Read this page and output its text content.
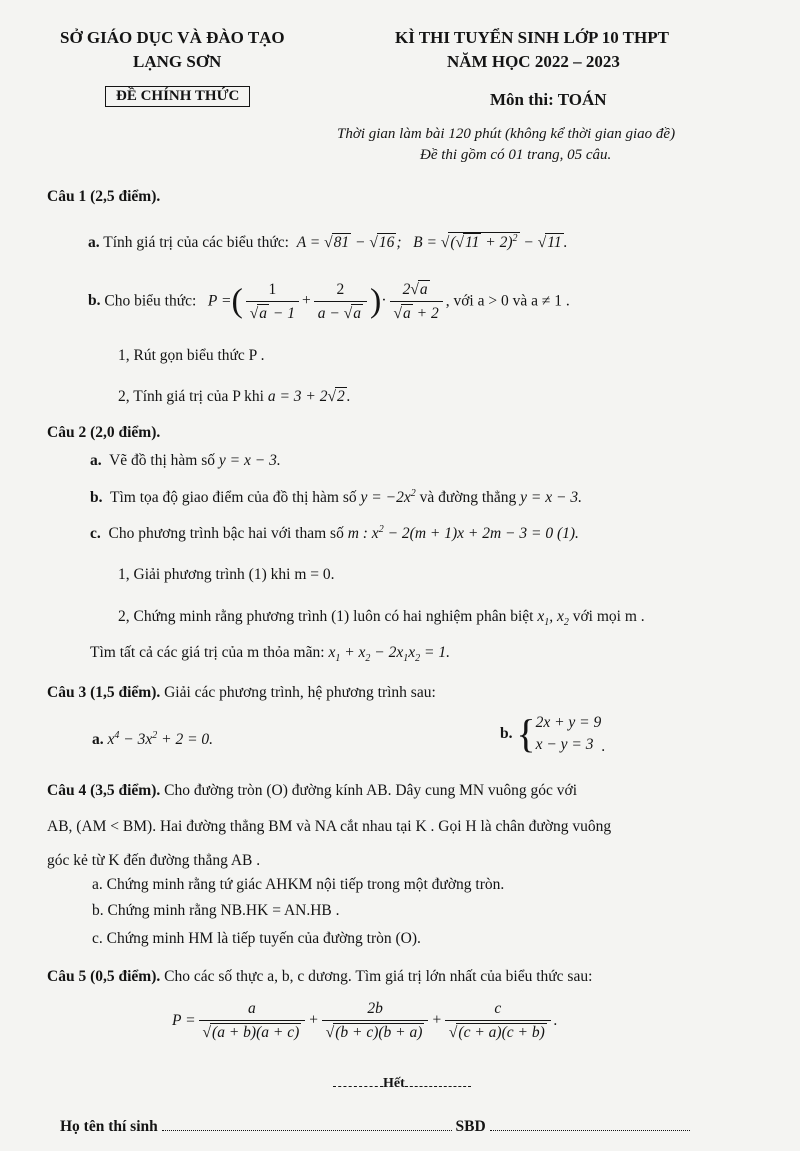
SỞ GIÁO DỤC VÀ ĐÀO TẠO
LẠNG SƠN
ĐỀ CHÍNH THỨC
KÌ THI TUYỂN SINH LỚP 10 THPT
NĂM HỌC 2022 – 2023
Môn thi: TOÁN
Thời gian làm bài 120 phút (không kể thời gian giao đề)
Đề thi gồm có 01 trang, 05 câu.
Câu 1 (2,5 điểm).
a. Tính giá trị của các biểu thức:  A = √81 − √16 ;   $B = √(√11 + 2)^2 - √11$ .
b. Cho biểu thức:   P =( $\frac{1}{√a - 1} + \frac{2}{a - √a}$ )· $\frac{2√a}{√a + 2}$ , với a > 0 và a ≠ 1 .
1, Rút gọn biểu thức P .
2, Tính giá trị của P khi a = 3 + 2√2 .
Câu 2 (2,0 điểm).
a. Vẽ đồ thị hàm số y = x − 3.
b. Tìm tọa độ giao điểm của đồ thị hàm số $y = -2x^2$ và đường thẳng y = x − 3.
c. Cho phương trình bậc hai với tham số m : $x^2 - 2(m + 1)x + 2m - 3 = 0$ (1).
1, Giải phương trình (1) khi m = 0.
2, Chứng minh rằng phương trình (1) luôn có hai nghiệm phân biệt $x_1$, $x_2$ với mọi m .
Tìm tất cả các giá trị của m thỏa mãn: $x_1 + x_2 - 2x_1x_2 = 1$.
Câu 3 (1,5 điểm). Giải các phương trình, hệ phương trình sau:
a. $x^4 - 3x^2 + 2 = 0$.	b. { 2x + y = 9
x − y = 3 .
Câu 4 (3,5 điểm). Cho đường tròn (O) đường kính AB. Dây cung MN vuông góc với
AB, (AM < BM). Hai đường thẳng BM và NA cắt nhau tại K . Gọi H là chân đường vuông
góc kẻ từ K đến đường thẳng AB .
a. Chứng minh rằng tứ giác AHKM nội tiếp trong một đường tròn.
b. Chứng minh rằng NB.HK = AN.HB .
c. Chứng minh HM là tiếp tuyến của đường tròn (O).
Câu 5 (0,5 điểm). Cho các số thực a, b, c dương. Tìm giá trị lớn nhất của biểu thức sau:
$P = \frac{a}{√(a + b)(a + c)} + \frac{2b}{√(b + c)(b + a)} + \frac{c}{√(c + a)(c + b)}$ .
Hết
Họ tên thí sinh	SBD
